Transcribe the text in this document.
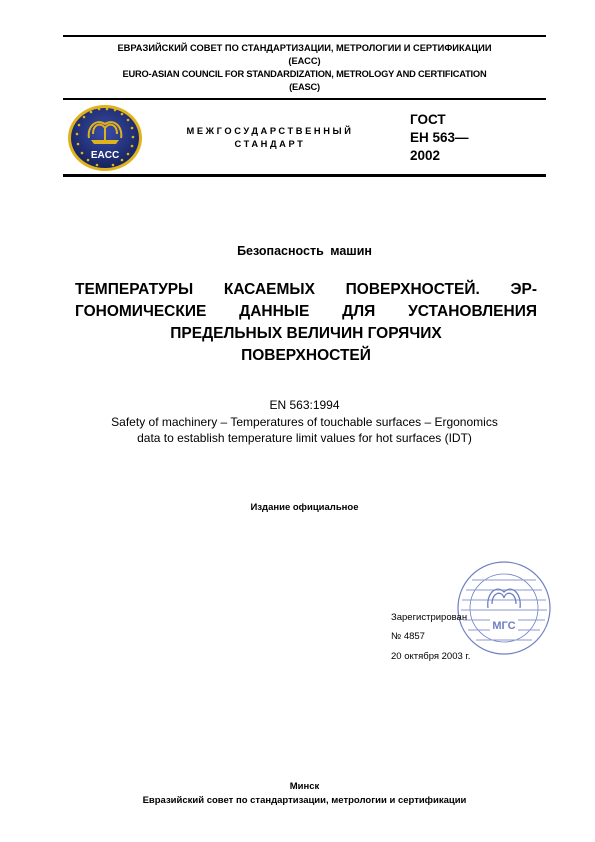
ЕВРАЗИЙСКИЙ СОВЕТ ПО СТАНДАРТИЗАЦИИ, МЕТРОЛОГИИ И СЕРТИФИКАЦИИ
(ЕАСС)
EURO-ASIAN COUNCIL FOR STANDARDIZATION, METROLOGY AND CERTIFICATION
(EASC)
EACC
МЕЖГОСУДАРСТВЕННЫЙ
СТАНДАРТ
ГОСТ
ЕН 563—
2002
Безопасность машин
ТЕМПЕРАТУРЫ КАСАЕМЫХ ПОВЕРХНОСТЕЙ. ЭР-
ГОНОМИЧЕСКИЕ ДАННЫЕ ДЛЯ УСТАНОВЛЕНИЯ
ПРЕДЕЛЬНЫХ ВЕЛИЧИН ГОРЯЧИХ
ПОВЕРХНОСТЕЙ
EN 563:1994
Safety of machinery – Temperatures of touchable surfaces – Ergonomics
data to establish temperature limit values for hot surfaces (IDT)
Издание официальное
МГС
Зарегистрирован
№ 4857
20 октября 2003 г.
Минск
Евразийский совет по стандартизации, метрологии и сертификации
